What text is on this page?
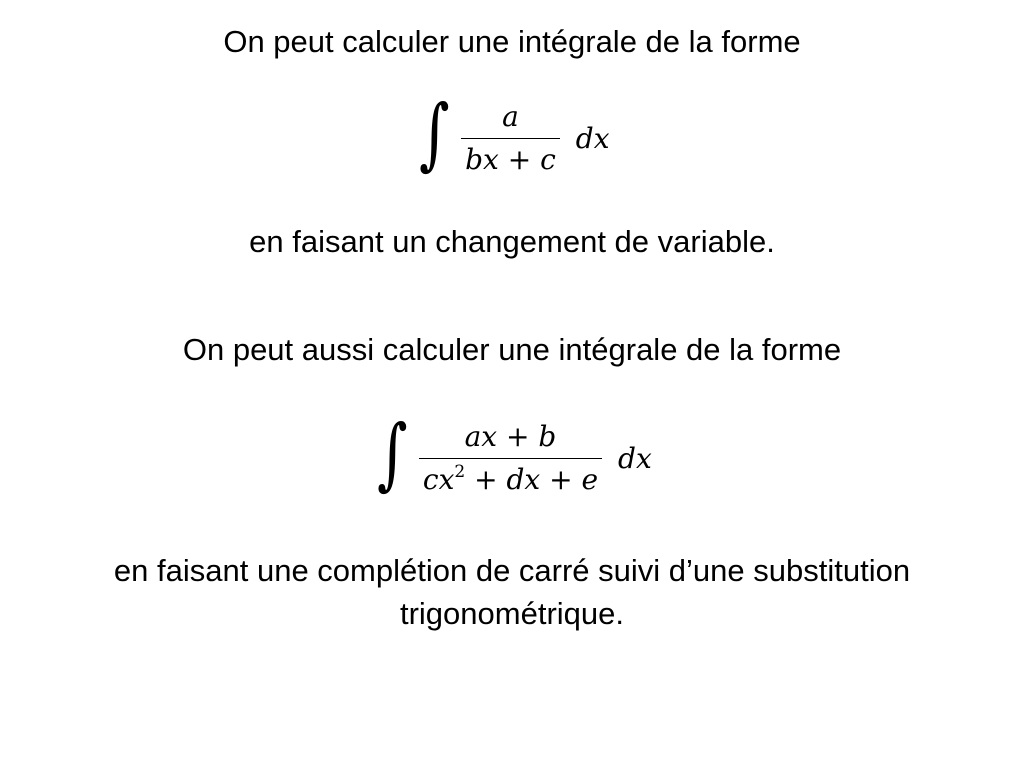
On peut calculer une intégrale de la forme
∫ $\frac{a}{bx + c}$ dx
en faisant un changement de variable.
On peut aussi calculer une intégrale de la forme
∫ $\frac{ax + b}{cx^2 + dx + e}$ dx
en faisant une complétion de carré suivi d’une substitution
trigonométrique.
